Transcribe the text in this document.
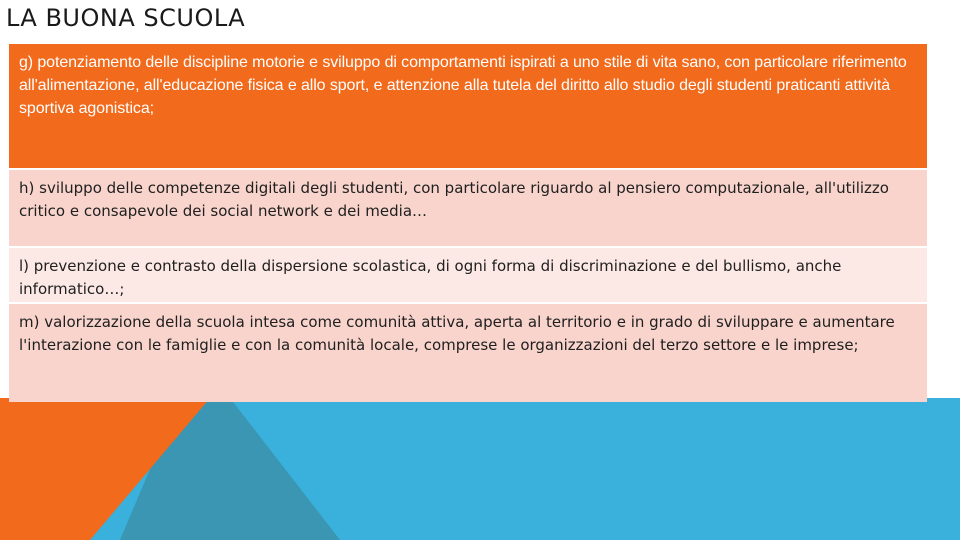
LA BUONA SCUOLA
g) potenziamento delle discipline motorie e sviluppo di comportamenti ispirati a uno stile di vita sano, con particolare riferimento all'alimentazione, all'educazione fisica e allo sport, e attenzione alla tutela del diritto allo studio degli studenti praticanti attività sportiva agonistica;
h) sviluppo delle competenze digitali degli studenti, con particolare riguardo al pensiero computazionale, all'utilizzo critico e consapevole dei social network e dei media…
l) prevenzione e contrasto della dispersione scolastica, di ogni forma di discriminazione e del bullismo, anche informatico…;
m) valorizzazione della scuola intesa come comunità attiva, aperta al territorio e in grado di sviluppare e aumentare l'interazione con le famiglie e con la comunità locale, comprese le organizzazioni del terzo settore e le imprese;
